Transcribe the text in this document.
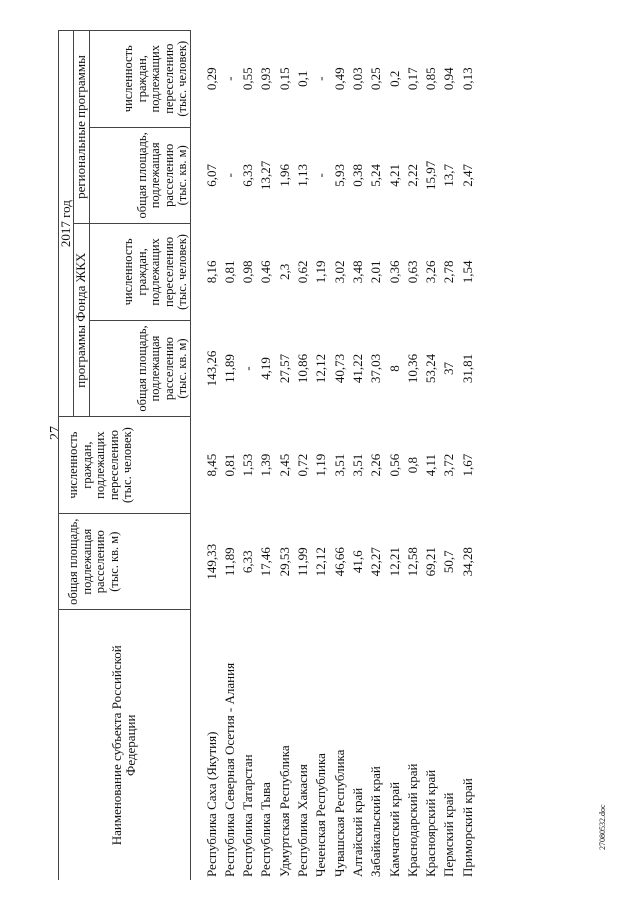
27
27080532.doc
Наименование субъекта Российской Федерации	общая площадь, подлежащая расселению (тыс. кв. м)	численность граждан, подлежащих переселению (тыс. человек)	2017 год			
			программы Фонда ЖКХ		региональные программы	
			общая площадь, подлежащая расселению (тыс. кв. м)	численность граждан, подлежащих переселению (тыс. человек)	общая площадь, подлежащая расселению (тыс. кв. м)	численность граждан, подлежащих переселению (тыс. человек)
Республика Саха (Якутия)	149,33	8,45	143,26	8,16	6,07	0,29
Республика Северная Осетия - Алания	11,89	0,81	11,89	0,81	-	-
Республика Татарстан	6,33	1,53	-	0,98	6,33	0,55
Республика Тыва	17,46	1,39	4,19	0,46	13,27	0,93
Удмуртская Республика	29,53	2,45	27,57	2,3	1,96	0,15
Республика Хакасия	11,99	0,72	10,86	0,62	1,13	0,1
Чеченская Республика	12,12	1,19	12,12	1,19	-	-
Чувашская Республика	46,66	3,51	40,73	3,02	5,93	0,49
Алтайский край	41,6	3,51	41,22	3,48	0,38	0,03
Забайкальский край	42,27	2,26	37,03	2,01	5,24	0,25
Камчатский край	12,21	0,56	8	0,36	4,21	0,2
Краснодарский край	12,58	0,8	10,36	0,63	2,22	0,17
Красноярский край	69,21	4,11	53,24	3,26	15,97	0,85
Пермский край	50,7	3,72	37	2,78	13,7	0,94
Приморский край	34,28	1,67	31,81	1,54	2,47	0,13
